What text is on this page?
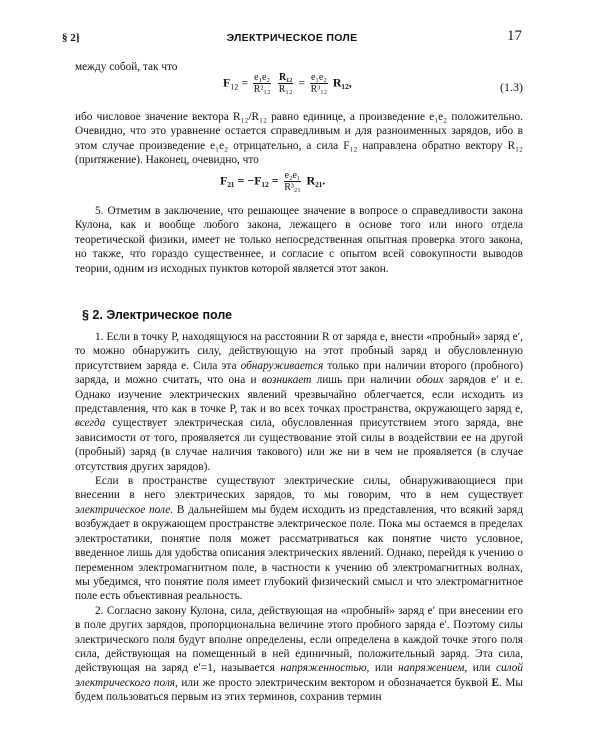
§ 2]	ЭЛЕКТРИЧЕСКОЕ ПОЛЕ	17

между собой, так что

$F_{12} = \frac{\text{e₁e₂}}{\text{R²₁₂}}$
$\frac{\text{R₁₂}}{\text{R₁₂}} = \frac{\text{e₁e₂}}{\text{R³₁₂}} R_{12}$,	(1.3)

ибо числовое значение вектора R₁₂/R₁₂ равно единице, а произведение e₁e₂ положительно. Очевидно, что это уравнение остается справедливым и для разноименных зарядов, ибо в этом случае произведение e₁e₂ отрицательно, а сила F₁₂ направлена обратно вектору R₁₂ (притяжение). Наконец, очевидно, что

$F_{21} = -F_{12} = \frac{\text{e₂e₁}}{\text{R³₂₁}} R_{21}$.

5. Отметим в заключение, что решающее значение в вопросе о справедливости закона Кулона, как и вообще любого закона, лежащего в основе того или иного отдела теоретической физики, имеет не только непосредственная опытная проверка этого закона, но также, что гораздо существеннее, и согласие с опытом всей совокупности выводов теории, одним из исходных пунктов которой является этот закон.

§ 2. Электрическое поле

1. Если в точку P, находящуюся на расстоянии R от заряда e, внести «пробный» заряд e′, то можно обнаружить силу, действующую на этот пробный заряд и обусловленную присутствием заряда e. Сила эта обнаруживается только при наличии второго (пробного) заряда, и можно считать, что она и возникает лишь при наличии обоих зарядов e′ и e. Однако изучение электрических явлений чрезвычайно облегчается, если исходить из представления, что как в точке P, так и во всех точках пространства, окружающего заряд e, всегда существует электрическая сила, обусловленная присутствием этого заряда, вне зависимости от того, проявляется ли существование этой силы в воздействии ее на другой (пробный) заряд (в случае наличия такового) или же ни в чем не проявляется (в случае отсутствия других зарядов).

Если в пространстве существуют электрические силы, обнаруживающиеся при внесении в него электрических зарядов, то мы говорим, что в нем существует электрическое поле. В дальнейшем мы будем исходить из представления, что всякий заряд возбуждает в окружающем пространстве электрическое поле. Пока мы остаемся в пределах электростатики, понятие поля может рассматриваться как понятие чисто условное, введенное лишь для удобства описания электрических явлений. Однако, перейдя к учению о переменном электромагнитном поле, в частности к учению об электромагнитных волнах, мы убедимся, что понятие поля имеет глубокий физический смысл и что электромагнитное поле есть объективная реальность.

2. Согласно закону Кулона, сила, действующая на «пробный» заряд e′ при внесении его в поле других зарядов, пропорциональна величине этого пробного заряда e′. Поэтому силы электрического поля будут вполне определены, если определена в каждой точке этого поля сила, действующая на помещенный в ней единичный, положительный заряд. Эта сила, действующая на заряд e′=1, называется напряженностью, или напряжением, или силой электрического поля, или же просто электрическим вектором и обозначается буквой E. Мы будем пользоваться первым из этих терминов, сохранив термин
